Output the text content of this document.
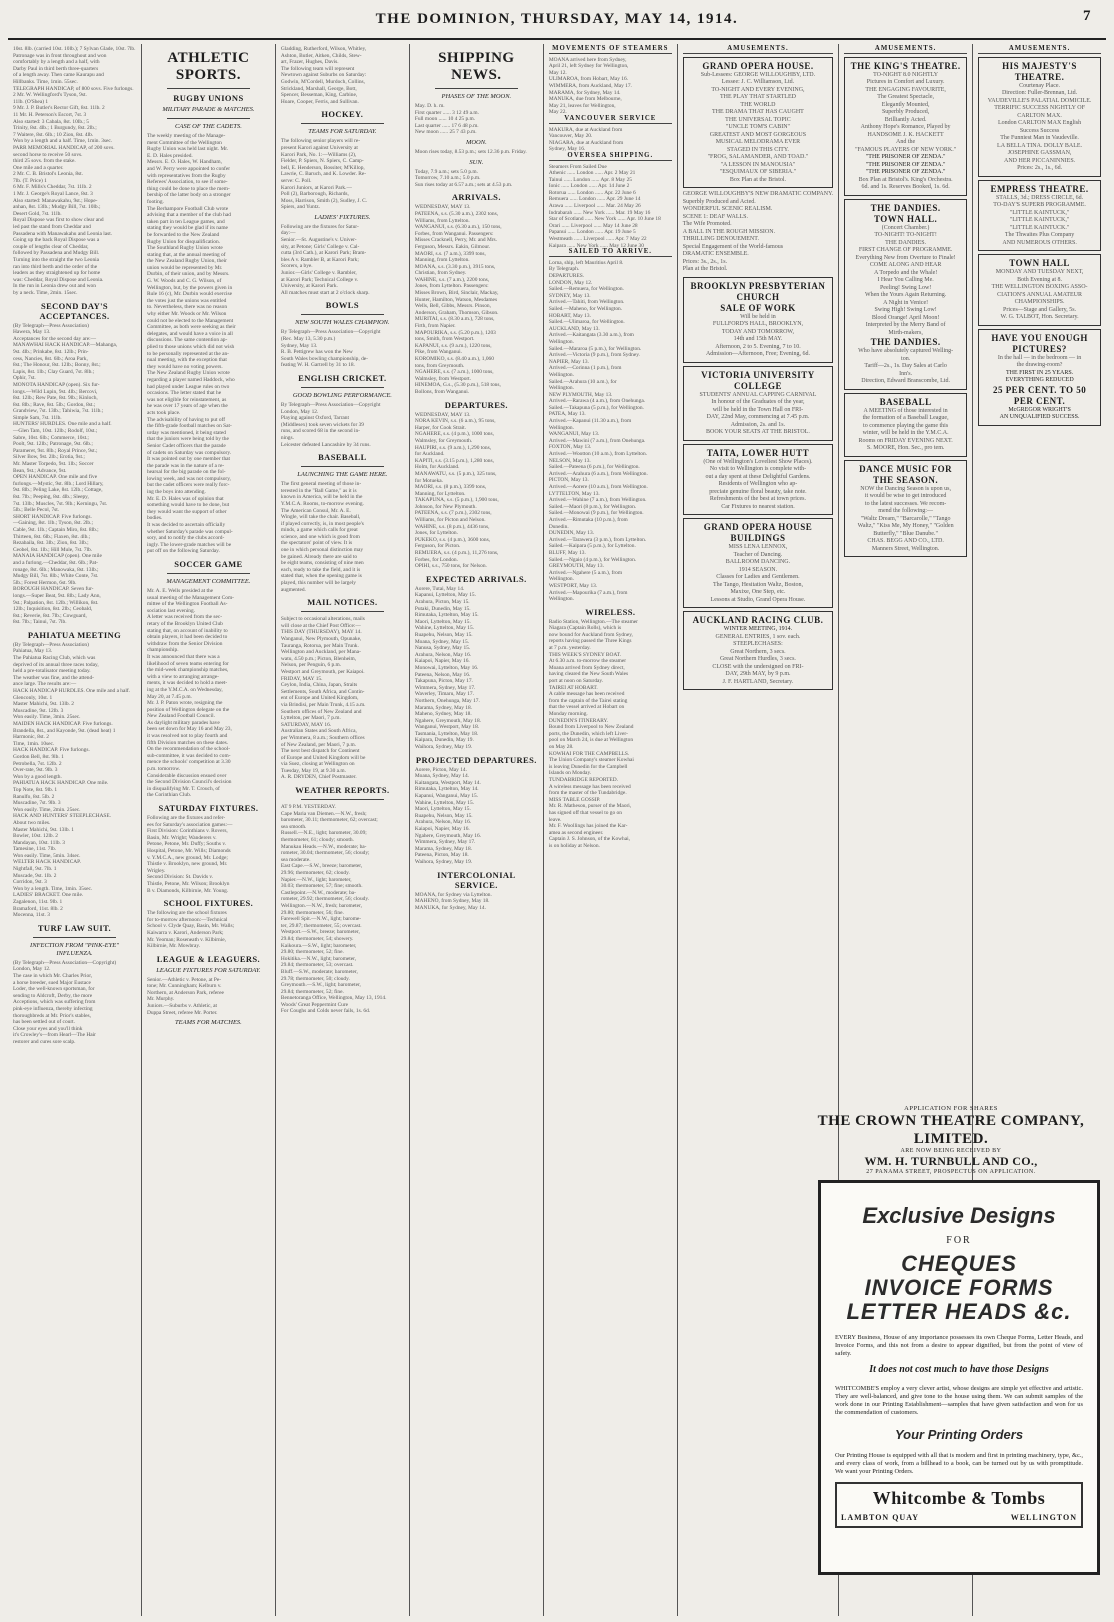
THE DOMINION, THURSDAY, MAY 14, 1914.	7
10st. 8lb. (carried 10st. 10lb.); 7 Sylvan Glade, 10st. 7lb.
Patronage was in front throughout and won
comfortably by a length and a half, with
Darby Paul in third berth three-quarters
of a length away. Then came Kaurapu and
Hillbanks. Time, 1min. 55sec.
TELEGRAPH HANDICAP, of 800 sovs. Five furlongs.
2 Mr. W. Wellingford's Tyson, 9st.
11lb. (O'Shea) 1
9 Mr. J. P. Butler's Rector Gift, 8st. 11lb. 2
11 Mr. H. Peterson's Escort, 7st. 3
Also started: 3 Cabala, 8st. 10lb.; 5
Trinity, 8st. 4lb.; 1 Burgundy, 8st. 2lb.;
7 Waitere, 8st. 6lb.; 10 Zion, 8st. 4lb.
Won by a length and a half. Time, 1min. 3sec.
PARR MEMORIAL HANDICAP, of 200 sovs.
second horse to receive 50 sovs.
third 25 sovs. from the stake.
One mile and a quarter.
2 Mr. C. B. Bristol's Leonia, 8st.
7lb. (T. Price) 1
6 Mr. F. Mills's Cheddar, 7st. 11lb. 2
1 Mr. J. George's Royal Lance, 8st. 3
Also started: Manawakahu, 9st.; Hope-
anhan, 8st. 13lb.; Mudgy Bill, 7st. 10lb.;
Desert Gold, 7st. 11lb.
Royal Dispose was first to show clear and
led past the stand from Cheddar and
Passadena with Manawakahu and Leonia last.
Going up the back Royal Dispose was a
couple of lengths clear of Cheddar,
followed by Passadena and Mudgy Bill.
Turning into the straight the two Leonia
ran into third berth and the order of the
leaders as they straightened up for home
was: Cheddar, Royal Dispose and Leonia.
In the run in Leonia drew out and won
by a neck. Time, 2min. 15sec.
SECOND DAY'S ACCEPTANCES.
(By Telegraph—Press Association)
Hawera, May 13.
Acceptances for the second day are:—
MANAWHAI HACK HANDICAP.—Mahanga,
9st. 4lb.; Prinkabe, 8st. 12lb.; Prin-
cess, Nancies, 8st. 6lb.; Aroa Park,
8st.; The Honour, 8st. 12lb.; Bonny, 8st.;
Lapis, 8st. 1lb.; Clay Guard, 7st. 8lb.;
Ophir, 7st.
MONOTA HANDICAP (open). Six fur-
longs.—Wild Lupin, 9st. 4lb.; Bercovi,
8st. 12lb.; Rew Pate, 8st. 9lb.; Kinloch,
8st. 8lb.; Rave, 8st. 5lb.; Gordon, 8st.;
Grandview, 7st. 13lb.; Tahiwia, 7st. 11lb.;
Simple Sam, 7st. 11lb.
HUNTERS' HURDLES. One mile and a half.
—Glen Tam, 10st. 12lb.; Rodolf, 10st.;
Sabre, 10st. 6lb.; Commerce, 10st.;
Poolt, 9st. 12lb.; Patronage, 9st. 6lb.;
Parameret, 9st. 8lb.; Royal Prince, 9st.;
Silver Bow, 9st. 2lb.; Erotia, 9st.;
Mr. Master Torpedo, 9st. 1lb.; Soccer
Bean, 9st.; Advance, 9st.
OPEN HANDICAP. One mile and five
furlongs.—Mystic, 9st. 8lb.; Lord Hillary,
9st. 8lb.; Peling Lake, 8st. 12lb.; Cottage,
8st. 7lb.; Peeping, 8st. 4lb.; Sleepy,
7st. 13lb.; Muscles, 7st. 9lb.; Kerningu, 7st.
5lb.; Belle Pecol, 7st.
SHORT HANDICAP. Five furlongs.
—Gaining, 8st. 1lb.; Tyson, 8st. 2lb.;
Cable, 9st. 1lb.; Captain Miro, 8st. 8lb.;
Thirteen, 8st. 6lb.; Flaxen, 8st. 4lb.;
Rezabaila, 8st. 3lb.; Zion, 8st. 3lb.;
Ceobel, 8st. 1lb.; Hill Mule, 7st. 7lb.
MANAIA HANDICAP (open). One mile
and a furlong.—Cheddar, 8st. 6lb.; Pat-
ronage, 8st. 6lb.; Manowaka, 8st. 13lb.;
Mudgy Bill, 7st. 8lb.; White Conte, 7st.
5lb.; Forest Hermon, 6st. 9lb.
BOROUGH HANDICAP. Seven fur-
longs.—Super Beat, 9st. 8lb.; Lady Ann,
9st.; Palpation, 8st. 12lb.; Willikon, 8st.
12lb.; Inquisition, 8st. 2lb.; Ceobald,
8st.; Reverie, 8st. 7lb.; Cowguard,
8st. 7lb.; Tainui, 7st. 7lb.
PAHIATUA MEETING
(By Telegraph—Press Association)
Pahiatua, May 13.
The Pahiatua Racing Club, which was
deprived of its annual three races today,
held a pre-totalisator meeting today.
The weather was fine, and the attend-
ance large. The results are:—
HACK HANDICAP HURDLES. One mile and a half.
Glenconly, 10st. 1
Master Mahichi, 9st. 13lb. 2
Muscadine, 9st. 12lb. 3
Won easily. Time, 3min. 25sec.
MAIDEN HACK HANDICAP. Five furlongs.
Brandella, 8st., and Kayonde, 9st. (dead heat) 1
Harmonic, 8st. 2
Time, 1min. 10sec.
HACK HANDICAP. Five furlongs.
Gordon Bell, 8st. 9lb. 1
Petrobella, 7st. 12lb. 2
Over-rate, 9st. 9lb. 3
Won by a good length.
PAHIATUA HACK HANDICAP. One mile.
Top Note, 8st. 9lb. 1
Ranulfo, 8st. 5lb. 2
Muscadine, 7st. 9lb. 3
Won easily. Time, 2min. 25sec.
HACK AND HUNTERS' STEEPLECHASE.
About two miles.
Master Mahichi, 9st. 13lb. 1
Bowler, 10st. 12lb. 2
Mandayan, 10st. 11lb. 3
Tamesine, 11st. 7lb.
Won easily. Time, 5min. 34sec.
WELTER HACK HANDICAP.
Nightfall, 9st. 7lb. 1
Muscade, 9st. 1lb. 2
Corridon, 9st. 3
Won by a length. Time, 1min. 35sec.
LADIES' BRACKET. One mile.
Zagalenon, 11st. 9lb. 1
Bramaford, 11st. 8lb. 2
Mocenna, 11st. 3
TURF LAW SUIT.
INFECTION FROM "PINK-EYE" INFLUENZA.
(By Telegraph—Press Association—Copyright)
London, May 12.
The case in which Mr. Charles Prior,
a horse breeder, sued Major Eustace
Loder, the well-known sportsman, for
sending to Aldcroft, Derby, the more
Acceptions, which was suffering from
pink-eye influenza, thereby infecting
thoroughbreds at Mr. Prior's stables,
has been settled out of court.
Close your eyes and you'll think
it's Crowley's—from Hearl—The Hair
restorer and cures sore scalp.
ATHLETIC SPORTS.
RUGBY UNIONS
MILITARY PARADE & MATCHES.
CASE OF THE CADETS.
The weekly meeting of the Manage-
ment Committee of the Wellington
Rugby Union was held last night. Mr.
E. D. Hales presided.
Messrs. E. O. Hales, W. Handham,
and W. Perry were appointed to confer
with representatives from the Rugby
Referees' Association, to see if some-
thing could be done to place the mem-
bership of the latter body on a stronger
footing.
The Berhampore Football Club wrote
advising that a member of the club had
taken part in ten League games, and
stating they would be glad if its name
be forwarded to the New Zealand
Rugby Union for disqualification.
The Southland Rugby Union wrote
stating that, at the annual meeting of
the New Zealand Rugby Union, their
union would be represented by Mr.
Durbin, of their union, and by Messrs.
G. W. Woods and C. G. Wilson, of
Wellington, but, by the powers given in
Rule 16 (c), Mr. Durbin would exercise
the votes just the unions was entitled
to. Nevertheless, there was no reason
why either Mr. Woods or Mr. Wilson
could not be elected to the Management
Committee, as both were seeking as their
delegates, and would have a voice in all
discussions. The same contention ap-
plied to those unions which did not wish
to be personally represented at the an-
nual meeting, with the exception that
they would have no voting powers.
The New Zealand Rugby Union wrote
regarding a player named Haddock, who
had played under League rules on two
occasions. The letter stated that he
was not eligible for reinstatement, as
he was over 17 years of age when the
acts took place.
The advisability of having to put off
the fifth-grade football matches on Sat-
urday was mentioned, it being stated
that the juniors were being told by the
Senior Cadet officers that the parade
of cadets on Saturday was compulsory.
It was pointed out by one member that
the parade was in the nature of a re-
hearsal for the big parade on the fol-
lowing week, and was not compulsory,
but the cadet officers were really forc-
ing the boys into attending.
Mr. E. D. Hales was of opinion that
something would have to be done, but
they would want the support of other
bodies.
It was decided to ascertain officially
whether Saturday's parade was compul-
sory, and to notify the clubs accord-
ingly. The lower-grade matches will be
put off on the following Saturday.
SOCCER GAME
MANAGEMENT COMMITTEE.
Mr. A. E. Wells presided at the
usual meeting of the Management Com-
mittee of the Wellington Football As-
sociation last evening.
A letter was received from the sec-
retary of the Brooklyn United Club
stating that, on account of inability to
obtain players, it had been decided to
withdraw from the Senior Division
championship.
It was announced that there was a
likelihood of seven teams entering for
the mid-week championship matches,
with a view to arranging arrange-
ments, it was decided to hold a meet-
ing at the Y.M.C.A. on Wednesday,
May 20, at 7.45 p.m.
Mr. J. P. Paton wrote, resigning the
position of Wellington delegate on the
New Zealand Football Council.
As daylight military parades have
been set down for May 16 and May 23,
it was resolved not to play fourth and
fifth Division matches on these dates.
On the recommendation of the school-
sub-committee, it was decided to com-
mence the schools' competition at 3.30
p.m. tomorrow.
Considerable discussion ensued over
the Second Division Council's decision
in disqualifying Mr. T. Crouch, of
the Corinthian Club.
SATURDAY FIXTURES.
Following are the fixtures and refer-
ees for Saturday's association games:—
First Division: Corinthians v. Rovers,
Basin, Mr. Wright; Wanderers v.
Petone, Petone, Mr. Duffy; Souths v.
Hospital, Petone, Mr. Wills; Diamonds
v. Y.M.C.A., new ground, Mr. Lodge;
Thistle v. Brooklyn, new ground, Mr.
Wrigley.
Second Division: St. Davids v.
Thistle, Petone, Mr. Wilson; Brooklyn
B v. Diamonds, Kilbirnie, Mr. Young.
SCHOOL FIXTURES.
The following are the school fixtures
for to-morrow afternoon:—Technical
School v. Clyde Quay, Basin, Mr. Walls;
Kaiwarra v. Karori, Anderson Park;
Mr. Yeoman; Roseneath v. Kilbirnie,
Kilbirnie, Mr. Mowbray.
LEAGUE & LEAGUERS.
LEAGUE FIXTURES FOR SATURDAY.
Senior.—Athletic v. Petone, at Pe-
tone; Mr. Cunningham; Kelburn v.
Northern, at Anderson Park, referee
Mr. Murphy.
Juniors.—Suburbs v. Athletic, at
Duppa Street, referee Mr. Porter.
TEAMS FOR MATCHES.
Gladding, Rutherford, Wilson, Whitley,
Ashton, Butler, Aitken, Childs, Stew-
art, Frazer, Hughes, Davis.
The following team will represent
Newtown against Suburbs on Saturday:
Godwin, M'Cordell, Murdoch, Collins,
Strickland, Marshall, George, Bott,
Spencer, Besseman, King, Carbine,
Hoare, Cooper, Ferris, and Sullivan.
HOCKEY.
TEAMS FOR SATURDAY.
The following senior players will re-
present Karori against University at
Karori Park, No. 1:—Williams (2),
Fielder, P. Spiers, N. Spiers, C. Camp-
bell, E. Henderson, Bossiter, M'Killop,
Lawrie, C. Baruch, and K. Lowder. Re-
serve: C. Poll.
Karori Juniors, at Karori Park.—
Poll (2), Barborough, Richards,
Moss, Harrison, Smith (2), Sudley, J. C.
Spiers, and Yuntz.
LADIES' FIXTURES.
Following are the fixtures for Satur-
day:—
Senior.—St. Augustine's v. Univer-
sity, at Petone; Girls' College v. Cal-
cutta (3rd Cath.), at Karori Park; Bram-
bles A v. Rambler B, at Karori Park;
Scorers, a bye.
Junior.—Girls' College v. Rambler,
at Karori Park; Technical College v.
University, at Karori Park.
All matches must start at 2 o'clock sharp.
BOWLS
NEW SOUTH WALES CHAMPION.
By Telegraph—Press Association—Copyright
(Rec. May 13, 5.30 p.m.)
Sydney, May 13.
R. B. Pettigrew has won the New
South Wales bowling championship, de-
feating W. H. Gartrell by 31 to 18.
ENGLISH CRICKET.
GOOD BOWLING PERFORMANCE.
By Telegraph—Press Association—Copyright
London, May 12.
Playing against Oxford, Tarrant
(Middlesex) took seven wickets for 39
runs, and scored 68 in the second in-
nings.
Leicester defeated Lancashire by 34 runs.
BASEBALL
LAUNCHING THE GAME HERE.
The first general meeting of those in-
terested in the "Ball Game," as it is
known in America, will be held in the
Y.M.C.A. Rooms, to-morrow evening.
The American Consul, Mr. A. E.
Wingle, will take the chair. Baseball,
if played correctly, is, in most people's
minds, a game which calls for great
science, and one which is good from
the spectators' point of view. It is
one in which personal distinction may
be gained. Already there are said to
be eight teams, consisting of nine men
each, ready to take the field, and it is
stated that, when the opening game is
played, this number will be largely
augmented.
MAIL NOTICES.
Subject to occasional alterations, mails
will close at the Chief Post Office:—
THIS DAY (THURSDAY), MAY 14.
Wanganui, New Plymouth, Opunake,
Tauranga, Rotorua, per Main Trunk.
Wellington and Auckland, per Mana-
watu, 4.50 p.m.; Picton, Blenheim,
Nelson, per Penguin, 6 p.m.
Westport and Greymouth, per Kaiapoi.
FRIDAY, MAY 15.
Ceylon, India, China, Japan, Straits
Settlements, South Africa, and Contin-
ent of Europe and United Kingdom,
via Brindisi, per Main Trunk, 4.15 a.m.
Southern offices of New Zealand and
Lyttelton, per Maori, 7 p.m.
SATURDAY, MAY 16.
Australian States and South Africa,
per Wimmera, 8 a.m.; Southern offices
of New Zealand, per Maori, 7 p.m.
The next best dispatch for Continent
of Europe and United Kingdom will be
via Suez, closing at Wellington on
Tuesday, May 19, at 9.30 a.m.
A. R. DRYDEN, Chief Postmaster.
WEATHER REPORTS.
AT 9 P.M. YESTERDAY.
Cape Maria van Diemen.—N.W., fresh;
barometer, 30.11; thermometer, 62; overcast;
sea smooth.
Russell.—N.E., light; barometer, 30.09;
thermometer, 61; cloudy; smooth.
Manukau Heads.—N.W., moderate; ba-
rometer, 30.04; thermometer, 56; cloudy;
sea moderate.
East Cape.—S.W., breeze; barometer,
29.96; thermometer, 62; cloudy.
Napier.—N.W., light; barometer,
30.03; thermometer, 57; fine; smooth.
Castlepoint.—N.W., moderate; ba-
rometer, 29.92; thermometer, 56; cloudy.
Wellington.—N.W., fresh; barometer,
29.80; thermometer, 56; fine.
Farewell Spit.—N.W., light; barome-
ter, 29.87; thermometer, 55; overcast.
Westport.—S.W., breeze; barometer,
29.84; thermometer, 54; showery.
Kaikoura.—S.W., light; barometer,
29.80; thermometer, 52; fine.
Hokitika.—N.W., light; barometer,
29.84; thermometer, 53; overcast.
Bluff.—S.W., moderate; barometer,
29.78; thermometer, 50; cloudy.
Greymouth.—S.W., light; barometer,
29.84; thermometer, 52; fine.
Bennetoranga Office, Wellington, May 13, 1914.
Woods' Great Peppermint Cure
For Coughs and Colds never fails, 1s. 6d.
SHIPPING NEWS.
PHASES OF THE MOON.
May. D. h. m.
First quarter ...... 3 12 49 a.m.
Full moon ...... 10 4 25 p.m.
Last quarter ...... 17 6 48 p.m.
New moon ...... 25 7 43 p.m.
MOON.
Moon rises today, 8.53 p.m.; sets 12.36 p.m. Friday.
SUN.
Today, 7.9 a.m.; sets 5.0 p.m.
Tomorrow, 7.10 a.m.; 5.0 p.m.
Sun rises today at 6.57 a.m.; sets at 4.53 p.m.
ARRIVALS.
WEDNESDAY, MAY 13.
PATEENA, s.s. (5.30 a.m.), 2302 tons,
Williams, from Lyttelton.
WANGANUI, s.s. (6.30 a.m.), 150 tons,
Forbes, from Wanganui. Passengers:
Misses Cracknell, Perry, Mr. and Mrs.
Ferguson, Messrs. Eakin, Gilmour.
MAORI, s.s. (7 a.m.), 3399 tons,
Manning, from Lyttelton.
MOANA, s.s. (3.30 p.m.), 3915 tons,
Christian, from Sydney.
WAHINE, s.s. (7 a.m.), 2200 tons,
Jones, from Lyttelton. Passengers:
Misses Brown, Bird, Sinclair, Mackay,
Hunter, Hamilton, Watson, Mesdames
Wells, Bell, Gibbs, Messrs. Pinson,
Anderson, Graham, Thomson, Gibson.
MURITAI, s.s. (8.30 a.m.), 728 tons,
Firth, from Napier.
MAPOURIKA, s.s. (5.20 p.m.), 1203
tons, Smith, from Westport.
KAPANUI, s.s. (9 a.m.), 1220 tons,
Pike, from Wanganui.
KOROMIKO, s.s. (8.40 a.m.), 1,060
tons, from Greymouth.
NGAHERE, s.s. (7 a.m.), 1000 tons,
Walmsley, from Westport.
HINEMOA, G.s., (5.30 p.m.), 518 tons,
Bollons, from Wanganui.
DEPARTURES.
WEDNESDAY, MAY 13.
NORA KEVIN, s.s. (6 a.m.), 95 tons,
Harper, for Cook Strait.
NGAHERE, s.s. (4 p.m.), 1000 tons,
Walmsley, for Greymouth.
HAUPIRI, s.s. (9 a.m.), 1,290 tons,
for Auckland.
KAPITI, s.s. (3.15 p.m.), 1,280 tons,
Holm, for Auckland.
MANAWATU, s.s. (5 p.m.), 325 tons,
for Motueka.
MAORI, s.s. (8 p.m.), 3399 tons,
Manning, for Lyttelton.
TAKAPUNA, s.s. (5 p.m.), 1,900 tons,
Johnson, for New Plymouth.
PATEENA, s.s. (7 p.m.), 2302 tons,
Williams, for Picton and Nelson.
WAHINE, s.s. (8 p.m.), 4436 tons,
Jones, for Lyttelton.
PUKEKO, s.s. (4 p.m.), 3600 tons,
Ferguson, for Picton.
REMUERA, s.s. (4 p.m.), 11,276 tons,
Forbes, for London.
OPIHI, s.s., 750 tons, for Nelson.
EXPECTED ARRIVALS.
Aorere, Tutai, May 14.
Kapanui, Lyttelton, May 15.
Arahura, Picton, May 15.
Putaki, Dunedin, May 15.
Rimutaka, Lyttelton, May 15.
Maori, Lyttelton, May 15.
Wahine, Lyttelton, May 15.
Ruapehu, Nelson, May 15.
Moana, Sydney, May 15.
Nanusa, Sydney, May 15.
Arahura, Nelson, May 16.
Kaiapoi, Napier, May 16.
Monowai, Lyttelton, May 16.
Pateena, Nelson, May 16.
Takapuna, Picton, May 17.
Wimmera, Sydney, May 17.
Waverley, Timaru, May 17.
Northern, Onehunga, May 17.
Marama, Sydney, May 18.
Maheno, Sydney, May 18.
Ngahere, Greymouth, May 18.
Wanganui, Westport, May 18.
Tasmania, Lyttelton, May 18.
Kaipara, Dunedin, May 19.
Waihora, Sydney, May 19.
PROJECTED DEPARTURES.
Aorere, Picton, May 14.
Moana, Sydney, May 14.
Kaitangata, Westport, May 14.
Rimutaka, Lyttelton, May 14.
Kapanui, Wanganui, May 15.
Wahine, Lyttelton, May 15.
Maori, Lyttelton, May 15.
Ruapehu, Nelson, May 15.
Arahura, Nelson, May 16.
Kaiapoi, Napier, May 16.
Ngahere, Greymouth, May 16.
Wimmera, Sydney, May 17.
Marama, Sydney, May 18.
Pateena, Picton, May 18.
Waihora, Sydney, May 19.
INTERCOLONIAL SERVICE.
MOANA, for Sydney via Lyttelton.
MAHENO, from Sydney, May 18.
MANUKA, for Sydney, May 14.
MOVEMENTS OF STEAMERS
MOANA arrived here from Sydney,
April 21, left Sydney for Wellington,
May 12.
ULIMAROA, from Hobart, May 16.
WIMMERA, from Auckland, May 17.
MARAMA, for Sydney, May 14.
MANUKA, due from Melbourne,
May 21, leaves for Wellington,
May 22.
VANCOUVER SERVICE
MAKURA, due at Auckland from
Vancouver, May 20.
NIAGARA, due at Auckland from
Sydney, May 16.
OVERSEA SHIPPING.
Steamers From Sailed Due
Athenic ...... London ...... Apr. 2 May 21
Tainui ...... London ...... Apr. 8 May 25
Ionic ...... London ...... Apr. 14 June 2
Rotorua ...... London ...... Apr. 22 June 6
Remuera ...... London ...... Apr. 29 June 14
Arawa ...... Liverpool ...... Mar. 24 May 26
Indrabarah ...... New York ...... Mar. 19 May 16
Star of Scotland ...... New York ...... Apr. 10 June 18
Orari ...... Liverpool ...... May 14 June 28
Papanui ...... London ...... Apr. 19 June 5
Westmeath ...... Liverpool ...... Apr. 7 May 22
Kaipara ...... New York ...... May 12 June 30
SAILED TO ARRIVE.
Lorna, ship, left Mauritius April 8.
By Telegraph.
DEPARTURES.
LONDON, May 12.
Sailed.—Remuera, for Wellington.
SYDNEY, May 13.
Arrived.—Tahiti, from Wellington.
Sailed.—Maheno, for Wellington.
HOBART, May 13.
Sailed.—Ulimaroa, for Wellington.
AUCKLAND, May 13.
Arrived.—Kaitangata (3.30 a.m.), from
Wellington.
Sailed.—Mararoa (5 p.m.), for Wellington.
Arrived.—Victoria (9 p.m.), from Sydney.
NAPIER, May 13.
Arrived.—Corinna (1 p.m.), from
Wellington.
Sailed.—Arahura (10 a.m.), for
Wellington.
NEW PLYMOUTH, May 13.
Arrived.—Rarawa (4 a.m.), from Onehunga.
Sailed.—Takapuna (5 p.m.), for Wellington.
PATEA, May 13.
Arrived.—Kapanui (11.30 a.m.), from
Wellington.
WANGANUI, May 13.
Arrived.—Mawini (7 a.m.), from Onehunga.
FOXTON, May 13.
Arrived.—Wootton (10 a.m.), from Lyttelton.
NELSON, May 13.
Sailed.—Pateena (6 p.m.), for Wellington.
Arrived.—Arahura (6 a.m.), from Wellington.
PICTON, May 13.
Arrived.—Aorere (10 a.m.), from Wellington.
LYTTELTON, May 13.
Arrived.—Wahine (7 a.m.), from Wellington.
Sailed.—Maori (8 p.m.), for Wellington.
Sailed.—Monowai (9 p.m.), for Wellington.
Arrived.—Rimutaka (10 p.m.), from
Dunedin.
DUNEDIN, May 13.
Arrived.—Tarawera (3 p.m.), from Lyttelton.
Sailed.—Kaipara (5 p.m.), for Lyttelton.
BLUFF, May 13.
Sailed.—Ngaio (4 p.m.), for Wellington.
GREYMOUTH, May 13.
Arrived.—Ngahere (5 a.m.), from
Wellington.
WESTPORT, May 13.
Arrived.—Mapourika (7 a.m.), from
Wellington.
WIRELESS.
Radio Station, Wellington.—The steamer
Niagara (Captain Rolls), which is
now bound for Auckland from Sydney,
reports having passed the Three Kings
at 7 p.m. yesterday.
THIS WEEK'S SYDNEY BOAT.
At 6.30 a.m. to-morrow the steamer
Moana arrived from Sydney direct,
having cleared the New South Wales
port at noon on Saturday.
TAIREI AT HOBART.
A cable message has been received
from the captain of the Tairei stating
that the vessel arrived at Hobart on
Monday morning.
DUNEDIN'S ITINERARY.
Bound from Liverpool to New Zealand
ports, the Dunedin, which left Liver-
pool on March 24, is due at Wellington
on May 28.
KOWHAI FOR THE CAMPBELLS.
The Union Company's steamer Kowhai
is leaving Dunedin for the Campbell
Islands on Monday.
TUNDABRIDGE REPORTED.
A wireless message has been received
from the master of the Tundabridge.
MISS TABLE GOSSIP.
Mr. R. Matheson, purser of the Maori,
has signed off that vessel to go on
leave.
Mr. F. Woollings has joined the Kar-
amea as second engineer.
Captain J. S. Johnson, of the Kowhai,
is on holiday at Nelson.
AMUSEMENTS.
GRAND OPERA HOUSE.
Sub-Lessees: GEORGE WILLOUGHBY, LTD.
Lessee: J. C. Williamson, Ltd.
TO-NIGHT AND EVERY EVENING,
THE PLAY THAT STARTLED
THE WORLD
THE DRAMA THAT HAS CAUGHT
THE UNIVERSAL TOPIC
"UNCLE TOM'S CABIN"
GREATEST AND MOST GORGEOUS
MUSICAL MELODRAMA EVER
STAGED IN THIS CITY.
"FROG, SALAMANDER, AND TOAD."
"A LESSON IN MANOUSIA"
"ESQUIMAUX OF SIBERIA."
Box Plan at the Bristol.
GEORGE WILLOUGHBY'S NEW DRAMATIC COMPANY.
Superbly Produced and Acted.
WONDERFUL SCENIC REALISM.
SCENE 1: DEAF WALLS.
The Wife Promoted.
A BALL IN THE ROUGH MISSION.
THRILLING DENOUEMENT.
Special Engagement of the World-famous
DRAMATIC ENSEMBLE.
Prices: 3s., 2s., 1s.
Plan at the Bristol.
BROOKLYN PRESBYTERIAN CHURCH
SALE OF WORK
Will be held in
FULLFORD'S HALL, BROOKLYN,
TODAY AND TOMORROW,
14th and 15th MAY.
Afternoon, 2 to 5. Evening, 7 to 10.
Admission—Afternoon, Free; Evening, 6d.
VICTORIA UNIVERSITY COLLEGE
STUDENTS' ANNUAL CAPPING CARNIVAL
In honour of the Graduates of the year,
will be held in the Town Hall on FRI-
DAY, 22nd May, commencing at 7.45 p.m.
Admission, 2s. and 1s.
BOOK YOUR SEATS AT THE BRISTOL.
TAITA, LOWER HUTT
(One of Wellington's Loveliest Show Places).
No visit to Wellington is complete with-
out a day spent at these Delightful Gardens.
Residents of Wellington who ap-
preciate genuine floral beauty, take note.
Refreshments of the best at town prices.
Car Fixtures to nearest station.
GRAND OPERA HOUSE BUILDINGS
MISS LENA LENNOX,
Teacher of Dancing.
BALLROOM DANCING.
1914 SEASON.
Classes for Ladies and Gentlemen.
The Tango, Hesitation Waltz, Boston,
Maxixe, One Step, etc.
Lessons at Studio, Grand Opera House.
AUCKLAND RACING CLUB.
WINTER MEETING, 1914.
GENERAL ENTRIES, 1 sov. each.
STEEPLECHASES:
Great Northern, 3 secs.
Great Northern Hurdles, 3 secs.
CLOSE with the undersigned on FRI-
DAY, 29th MAY, by 9 p.m.
J. F. HARTLAND, Secretary.
AMUSEMENTS.
THE KING'S THEATRE.
TO-NIGHT 8.0 NIGHTLY
Pictures in Comfort and Luxury.
THE ENGAGING FAVOURITE,
The Greatest Spectacle,
Elegantly Mounted,
Superbly Produced,
Brilliantly Acted.
Anthony Hope's Romance, Played by
HANDSOME J. K. HACKETT
And the
"FAMOUS PLAYERS OF NEW YORK."
"THE PRISONER OF ZENDA."
"THE PRISONER OF ZENDA."
"THE PRISONER OF ZENDA."
Box Plan at Bristol's. King's Orchestra.
6d. and 1s. Reserves Booked, 1s. 6d.
THE DANDIES.
TOWN HALL.
(Concert Chamber.)
TO-NIGHT! TO-NIGHT!
THE DANDIES.
FIRST CHANGE OF PROGRAMME.
Everything New from Overture to Finale!
COME ALONG AND HEAR
A Torpedo and the Whale!
I Hear You Calling Me.
Peeling! Swing Low!
When the Yours Again Returning.
A Night in Venice!
Swing High! Swing Low!
Blood Orange! April Moon!
Interpreted by the Merry Band of
Mirth-makers,
THE DANDIES.
Who have absolutely captured Welling-
ton.
Tariff—2s., 1s. Day Sales at Carlo
Inn's.
Direction, Edward Branscombe, Ltd.
BASEBALL
A MEETING of those interested in
the formation of a Baseball League,
to commence playing the game this
winter, will be held in the Y.M.C.A.
Rooms on FRIDAY EVENING NEXT.
S. MOORE, Hon. Sec., pro tem.
DANCE MUSIC FOR THE SEASON.
NOW the Dancing Season is upon us,
it would be wise to get introduced
to the latest successes. We recom-
mend the following:—
"Waltz Dream," "Barcarolle," "Tango
Waltz," "Kiss Me, My Honey," "Golden
Butterfly," "Blue Danube."
CHAS. BEGG AND CO., LTD.
Manners Street, Wellington.
AMUSEMENTS.
HIS MAJESTY'S THEATRE.
Courtenay Place.
Direction: Fuller-Brennan, Ltd.
VAUDEVILLE'S PALATIAL DOMICILE.
TERRIFIC SUCCESS NIGHTLY OF
CARLTON MAX.
London CARLTON MAX English
Success Success
The Funniest Man in Vaudeville.
LA BELLA TINA. DOLLY BALE.
JOSEPHINE GASSMAN,
AND HER PICCANINNIES.
Prices: 2s., 1s., 6d.
EMPRESS THEATRE.
STALLS, 3d.; DRESS CIRCLE, 6d.
TO-DAY'S SUPERB PROGRAMME.
"LITTLE KAINTUCK,"
"LITTLE KAINTUCK,"
"LITTLE KAINTUCK."
The Thwaites Plus Company
AND NUMEROUS OTHERS.
TOWN HALL
MONDAY AND TUESDAY NEXT,
Both Evening at 8.
THE WELLINGTON BOXING ASSO-
CIATION'S ANNUAL AMATEUR
CHAMPIONSHIPS.
Prices—Stage and Gallery, 5s.
W. G. TALBOT, Hon. Secretary.
HAVE YOU ENOUGH PICTURES?
In the hall — in the bedroom — in
the drawing-room?
THE FIRST IN 25 YEARS.
EVERYTHING REDUCED
25 PER CENT. TO 50 PER CENT.
McGREGOR WRIGHT'S
AN UNQUALIFIED SUCCESS.
APPLICATION FOR SHARES
THE CROWN THEATRE COMPANY, LIMITED.
ARE NOW BEING RECEIVED BY
WM. H. TURNBULL AND CO.,
27 PANAMA STREET, PROSPECTUS ON APPLICATION.
Exclusive Designs
FOR
CHEQUES
INVOICE FORMS
LETTER HEADS &c.
EVERY Business, House of any importance possesses its own Cheque Forms, Letter Heads, and Invoice Forms, and this not from a desire to appear dignified, but from the point of view of safety.
It does not cost much to have those Designs
WHITCOMBE'S employ a very clever artist, whose designs are simple yet effective and artistic. They are well-balanced, and give tone to the house using them. We can submit samples of the work done in our Printing Establishment—samples that have given satisfaction and won for us the commendation of customers.
Your Printing Orders
Our Printing House is equipped with all that is modern and first in printing machinery, type, &c., and every class of work, from a billhead to a book, can be turned out by us with promptitude. We want your Printing Orders.
Whitcombe & Tombs
LAMBTON QUAY	WELLINGTON
